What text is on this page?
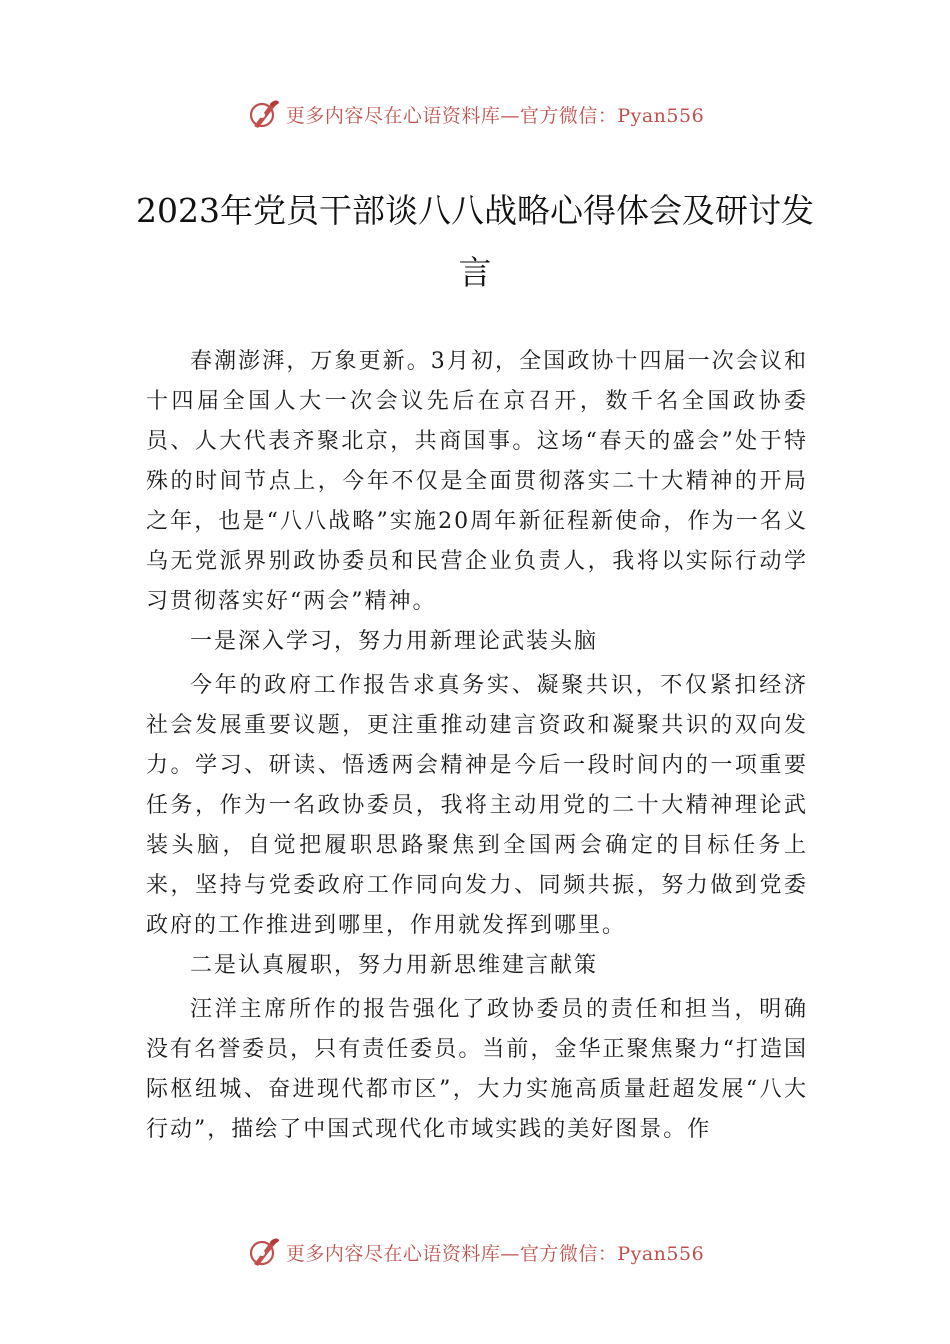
更多内容尽在心语资料库—官方微信：Pyan556
2023年党员干部谈八八战略心得体会及研讨发言

春潮澎湃，万象更新。3月初，全国政协十四届一次会议和十四届全国人大一次会议先后在京召开，数千名全国政协委员、人大代表齐聚北京，共商国事。这场“春天的盛会”处于特殊的时间节点上，今年不仅是全面贯彻落实二十大精神的开局之年，也是“八八战略”实施20周年新征程新使命，作为一名义乌无党派界别政协委员和民营企业负责人，我将以实际行动学习贯彻落实好“两会”精神。

一是深入学习，努力用新理论武装头脑

今年的政府工作报告求真务实、凝聚共识，不仅紧扣经济社会发展重要议题，更注重推动建言资政和凝聚共识的双向发力。学习、研读、悟透两会精神是今后一段时间内的一项重要任务，作为一名政协委员，我将主动用党的二十大精神理论武装头脑，自觉把履职思路聚焦到全国两会确定的目标任务上来，坚持与党委政府工作同向发力、同频共振，努力做到党委政府的工作推进到哪里，作用就发挥到哪里。

二是认真履职，努力用新思维建言献策

汪洋主席所作的报告强化了政协委员的责任和担当，明确没有名誉委员，只有责任委员。当前，金华正聚焦聚力“打造国际枢纽城、奋进现代都市区”，大力实施高质量赶超发展“八大行动”，描绘了中国式现代化市域实践的美好图景。作

更多内容尽在心语资料库—官方微信：Pyan556
